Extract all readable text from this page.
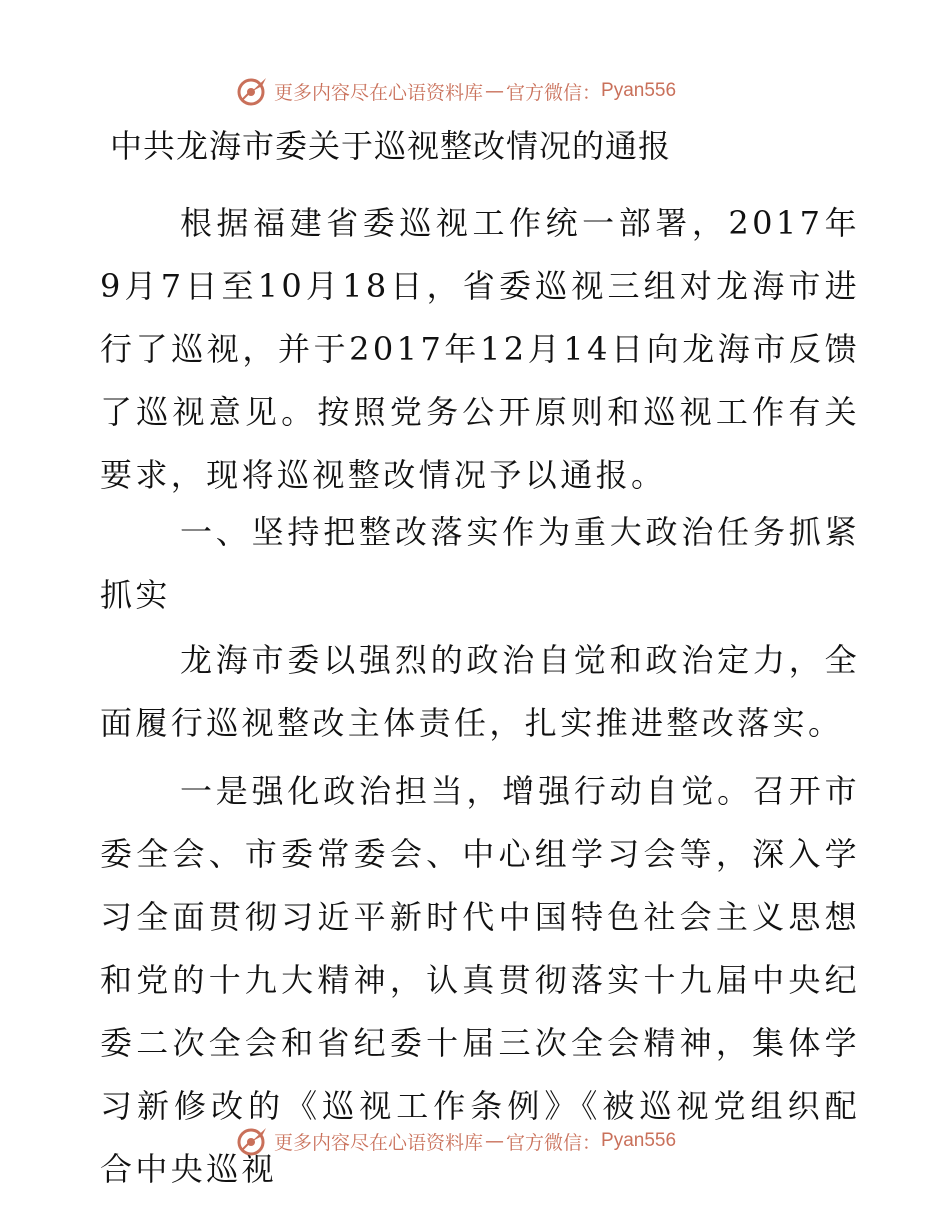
更多内容尽在心语资料库 — 官方微信： Pyan556
中共龙海市委关于巡视整改情况的通报

根据福建省委巡视工作统一部署，2017年9月7日至10月18日，省委巡视三组对龙海市进行了巡视，并于2017年12月14日向龙海市反馈了巡视意见。按照党务公开原则和巡视工作有关要求，现将巡视整改情况予以通报。

一、坚持把整改落实作为重大政治任务抓紧抓实

龙海市委以强烈的政治自觉和政治定力，全面履行巡视整改主体责任，扎实推进整改落实。

一是强化政治担当，增强行动自觉。召开市委全会、市委常委会、中心组学习会等，深入学习全面贯彻习近平新时代中国特色社会主义思想和党的十九大精神，认真贯彻落实十九届中央纪委二次全会和省纪委十届三次全会精神，集体学习新修改的《巡视工作条例》《被巡视党组织配合中央巡视

更多内容尽在心语资料库 — 官方微信： Pyan556
